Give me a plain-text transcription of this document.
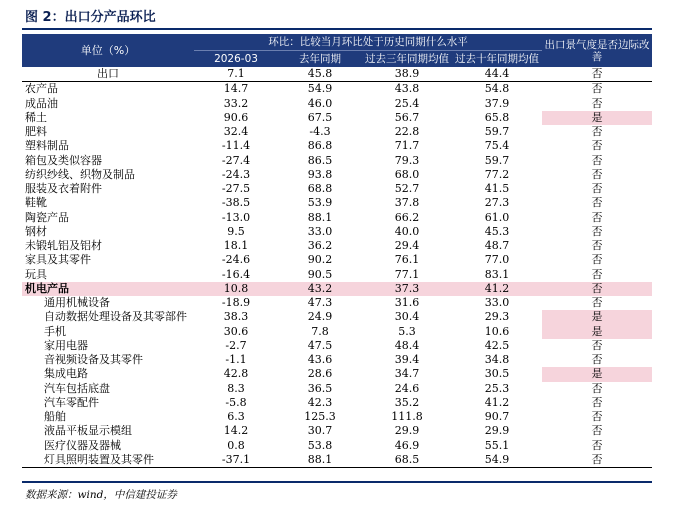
图 2：出口分产品环比
单位（%）	环比：比较当月环比处于历史同期什么水平				出口景气度是否边际改善
	2026-03	去年同期	过去三年同期均值	过去十年同期均值	
出口	7.1	45.8	38.9	44.4	否
农产品	14.7	54.9	43.8	54.8	否
成品油	33.2	46.0	25.4	37.9	否
稀土	90.6	67.5	56.7	65.8	是
肥料	32.4	-4.3	22.8	59.7	否
塑料制品	-11.4	86.8	71.7	75.4	否
箱包及类似容器	-27.4	86.5	79.3	59.7	否
纺织纱线、织物及制品	-24.3	93.8	68.0	77.2	否
服装及衣着附件	-27.5	68.8	52.7	41.5	否
鞋靴	-38.5	53.9	37.8	27.3	否
陶瓷产品	-13.0	88.1	66.2	61.0	否
钢材	9.5	33.0	40.0	45.3	否
未锻轧铝及铝材	18.1	36.2	29.4	48.7	否
家具及其零件	-24.6	90.2	76.1	77.0	否
玩具	-16.4	90.5	77.1	83.1	否
机电产品	10.8	43.2	37.3	41.2	否
通用机械设备	-18.9	47.3	31.6	33.0	否
自动数据处理设备及其零部件	38.3	24.9	30.4	29.3	是
手机	30.6	7.8	5.3	10.6	是
家用电器	-2.7	47.5	48.4	42.5	否
音视频设备及其零件	-1.1	43.6	39.4	34.8	否
集成电路	42.8	28.6	34.7	30.5	是
汽车包括底盘	8.3	36.5	24.6	25.3	否
汽车零配件	-5.8	42.3	35.2	41.2	否
船舶	6.3	125.3	111.8	90.7	否
液晶平板显示模组	14.2	30.7	29.9	29.9	否
医疗仪器及器械	0.8	53.8	46.9	55.1	否
灯具照明装置及其零件	-37.1	88.1	68.5	54.9	否
数据来源：wind，中信建投证券
